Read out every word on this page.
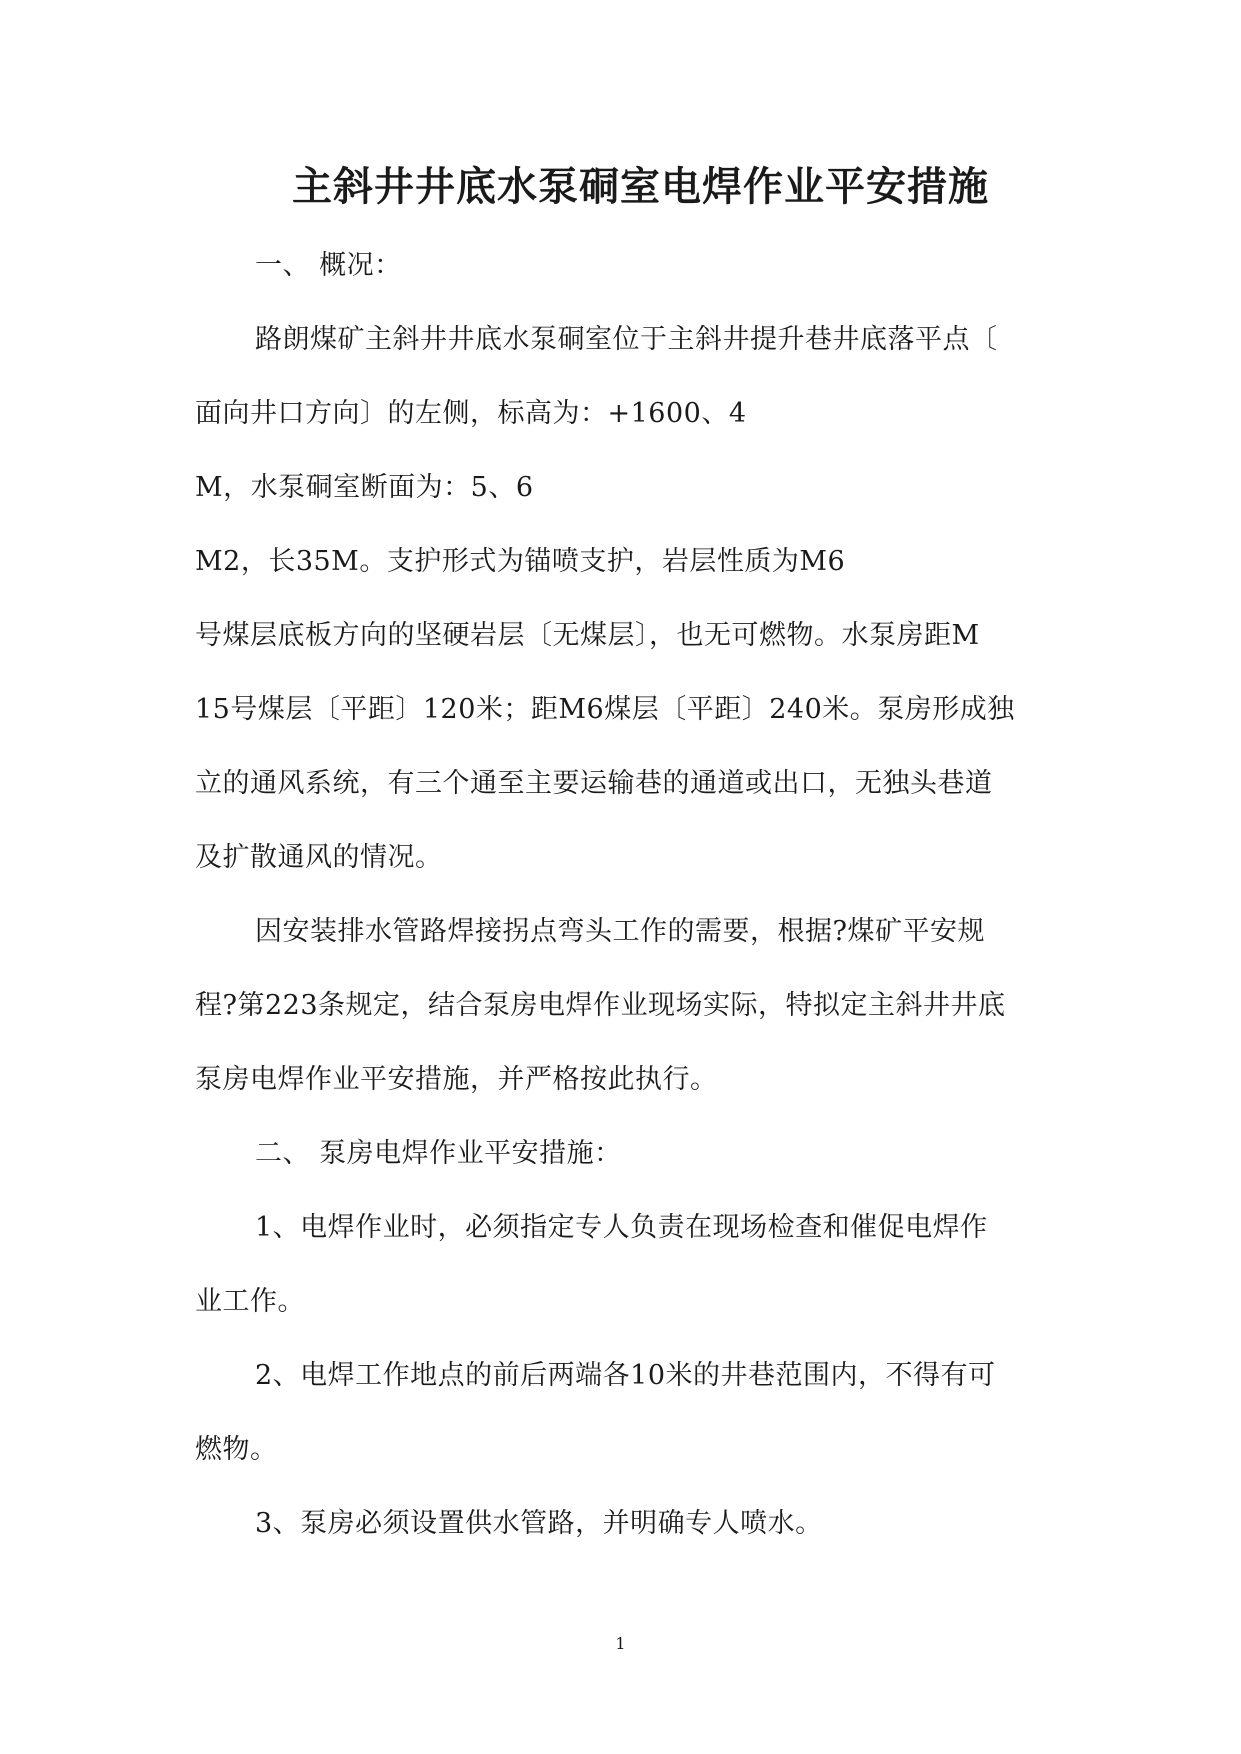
主斜井井底水泵硐室电焊作业平安措施
一、 概况：
路朗煤矿主斜井井底水泵硐室位于主斜井提升巷井底落平点〔
面向井口方向〕的左侧，标高为：+1600、4
M，水泵硐室断面为：5、6
M2，长35M。支护形式为锚喷支护，岩层性质为M6
号煤层底板方向的坚硬岩层〔无煤层〕，也无可燃物。水泵房距M
15号煤层〔平距〕120米；距M6煤层〔平距〕240米。泵房形成独
立的通风系统，有三个通至主要运输巷的通道或出口，无独头巷道
及扩散通风的情况。
因安装排水管路焊接拐点弯头工作的需要，根据?煤矿平安规
程?第223条规定，结合泵房电焊作业现场实际，特拟定主斜井井底
泵房电焊作业平安措施，并严格按此执行。
二、 泵房电焊作业平安措施：
1、电焊作业时，必须指定专人负责在现场检查和催促电焊作
业工作。
2、电焊工作地点的前后两端各10米的井巷范围内，不得有可
燃物。
3、泵房必须设置供水管路，并明确专人喷水。
1
